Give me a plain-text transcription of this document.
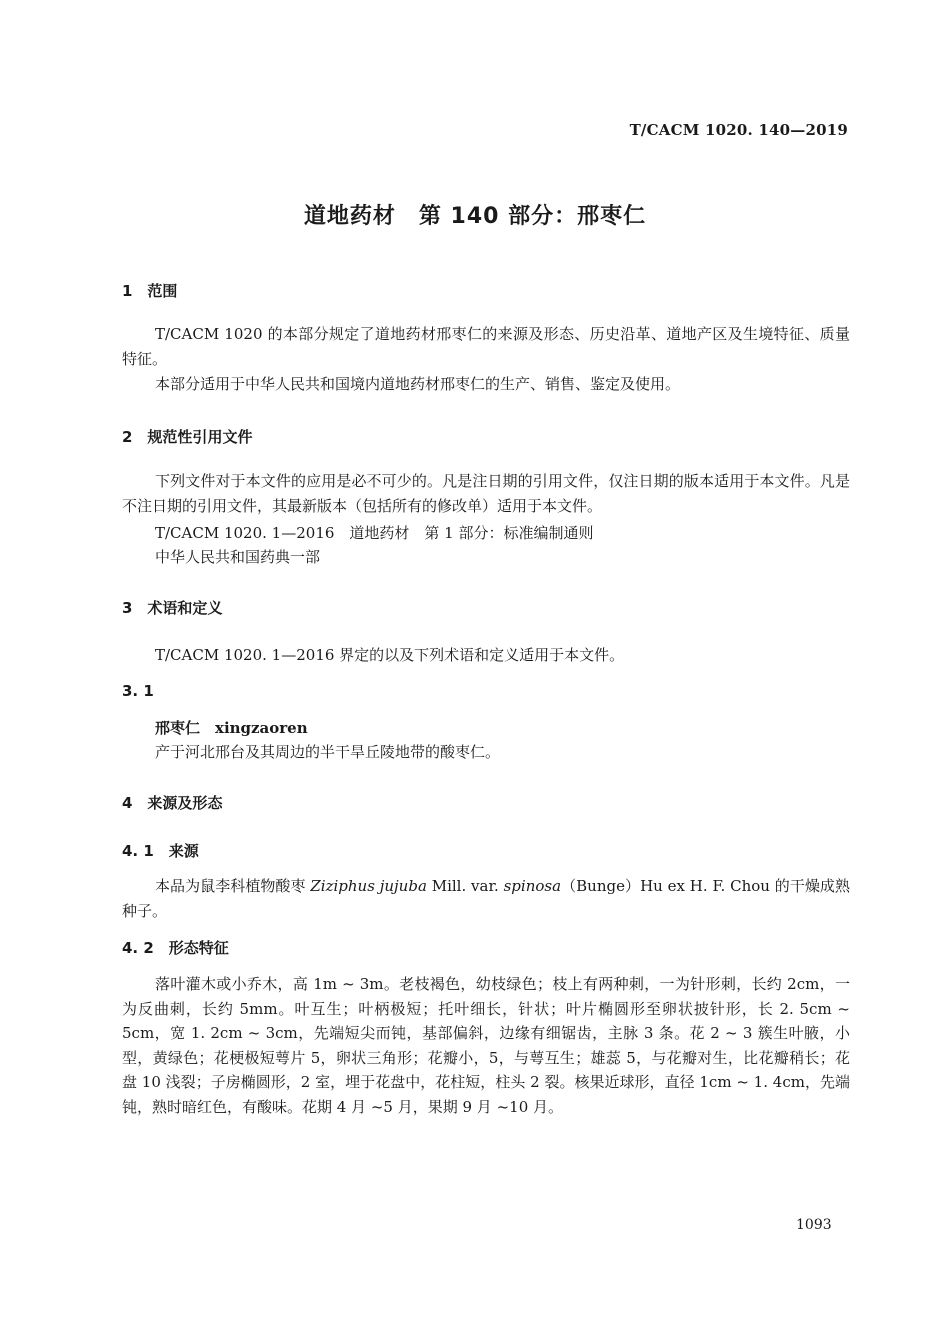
T/CACM 1020. 140—2019
道地药材　第 140 部分：邢枣仁
1　范围

T/CACM 1020 的本部分规定了道地药材邢枣仁的来源及形态、历史沿革、道地产区及生境特征、质量特征。

本部分适用于中华人民共和国境内道地药材邢枣仁的生产、销售、鉴定及使用。

2　规范性引用文件

下列文件对于本文件的应用是必不可少的。凡是注日期的引用文件，仅注日期的版本适用于本文件。凡是不注日期的引用文件，其最新版本（包括所有的修改单）适用于本文件。

T/CACM 1020. 1—2016　道地药材　第 1 部分：标准编制通则
中华人民共和国药典一部
3　术语和定义

T/CACM 1020. 1—2016 界定的以及下列术语和定义适用于本文件。

3. 1
邢枣仁　xingzaoren
产于河北邢台及其周边的半干旱丘陵地带的酸枣仁。
4　来源及形态
4. 1　来源

本品为鼠李科植物酸枣 Ziziphus jujuba Mill. var. spinosa（Bunge）Hu ex H. F. Chou 的干燥成熟种子。

4. 2　形态特征

落叶灌木或小乔木，高 1m ~ 3m。老枝褐色，幼枝绿色；枝上有两种刺，一为针形刺，长约 2cm，一为反曲刺，长约 5mm。叶互生；叶柄极短；托叶细长，针状；叶片椭圆形至卵状披针形，长 2. 5cm ~ 5cm，宽 1. 2cm ~ 3cm，先端短尖而钝，基部偏斜，边缘有细锯齿，主脉 3 条。花 2 ~ 3 簇生叶腋，小型，黄绿色；花梗极短萼片 5，卵状三角形；花瓣小，5，与萼互生；雄蕊 5，与花瓣对生，比花瓣稍长；花盘 10 浅裂；子房椭圆形，2 室，埋于花盘中，花柱短，柱头 2 裂。核果近球形，直径 1cm ~ 1. 4cm，先端钝，熟时暗红色，有酸味。花期 4 月 ~5 月，果期 9 月 ~10 月。

1093
